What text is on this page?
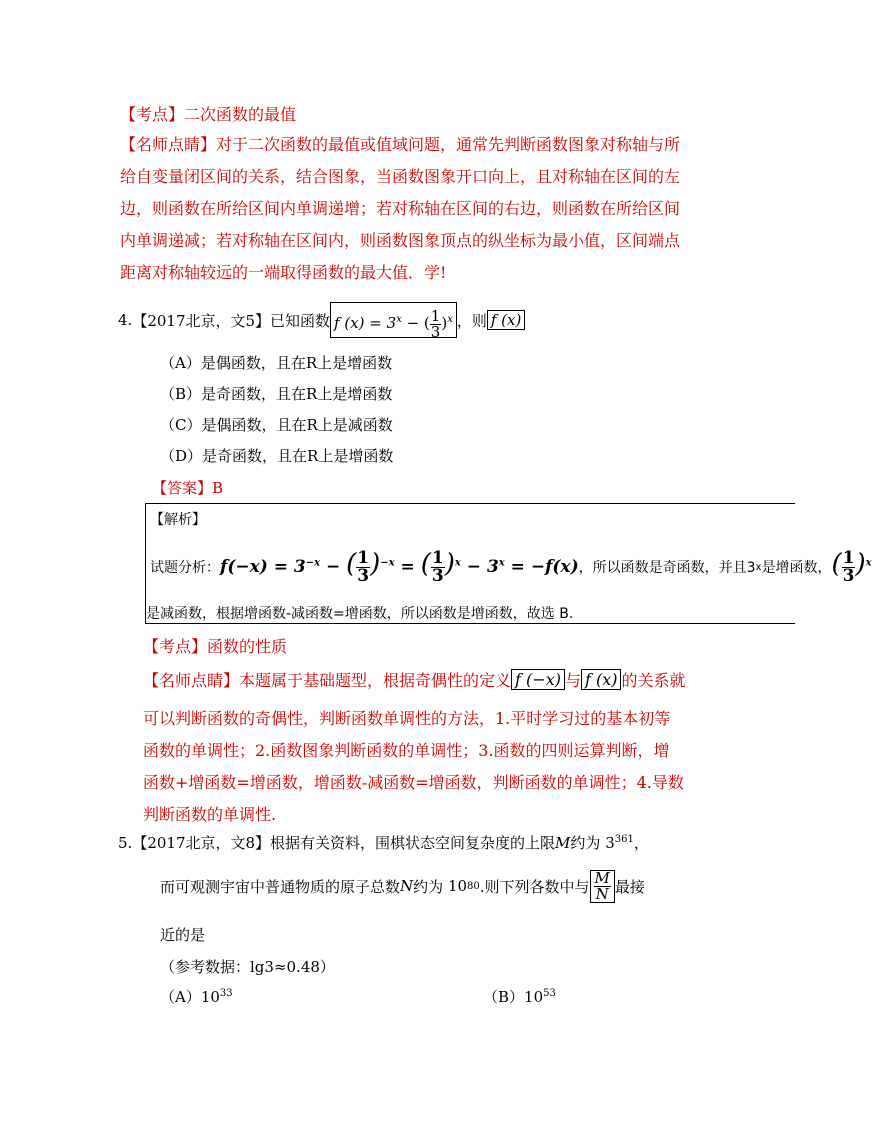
【考点】二次函数的最值
【名师点睛】对于二次函数的最值或值域问题，通常先判断函数图象对称轴与所
给自变量闭区间的关系，结合图象，当函数图象开口向上，且对称轴在区间的左
边，则函数在所给区间内单调递增；若对称轴在区间的右边，则函数在所给区间
内单调递减；若对称轴在区间内，则函数图象顶点的纵坐标为最小值，区间端点
距离对称轴较远的一端取得函数的最大值．学!
4. 【2017北京，文5】 已知函数 f $(x) = 3^x$ − ( $\frac{1}{3} )^x$ ，则 f (x)
（A）是偶函数，且在R上是增函数
（B）是奇函数，且在R上是增函数
（C）是偶函数，且在R上是减函数
（D）是奇函数，且在R上是增函数
【答案】B
【解析】
试题分析： $f(-x) = 3^{-x}$ − ( $\frac{1}{3} )^{-x}$ = ( $\frac{1}{3} )^x - 3^x = -f(x)$ ，所以函数是奇函数，并且3 x 是增函数， ( $\frac{1}{3} )^x$
是减函数，根据增函数-减函数=增函数，所以函数是增函数，故选 B.
【考点】函数的性质
【名师点睛】 本题属于基础题型，根据奇偶性的定义 f (−x) 与 f (x) 的关系就
可以判断函数的奇偶性，判断函数单调性的方法，1.平时学习过的基本初等
函数的单调性；2.函数图象判断函数的单调性；3.函数的四则运算判断，增
函数+增函数=增函数，增函数-减函数=增函数，判断函数的单调性；4.导数
判断函数的单调性.
5.【2017北京，文8】根据有关资料，围棋状态空间复杂度的上限M约为 $3^{361}$，
而可观测宇宙中普通物质的原子总数 N 约为
10 80 .则下列各数中与 $\frac{M}{N}$ 最接
近的是
（参考数据：lg3≈0.48）
$(A)10^{33}$	$(B)10^{53}$
